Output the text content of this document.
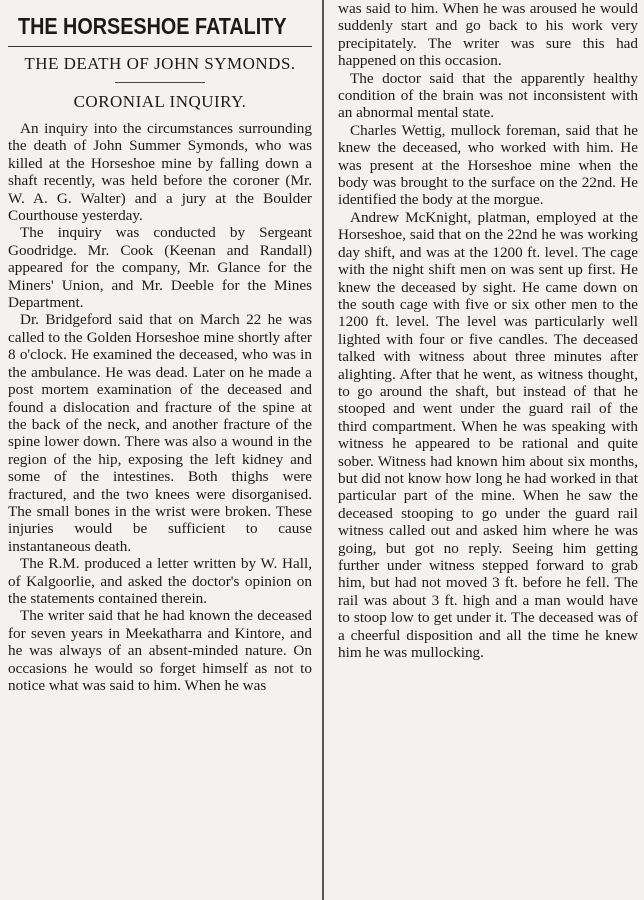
THE HORSESHOE FATALITY
THE DEATH OF JOHN SYMONDS.
CORONIAL INQUIRY.

An inquiry into the circumstances surrounding the death of John Summer Symonds, who was killed at the Horseshoe mine by falling down a shaft recently, was held before the coroner (Mr. W. A. G. Walter) and a jury at the Boulder Courthouse yesterday.

The inquiry was conducted by Sergeant Goodridge. Mr. Cook (Keenan and Randall) appeared for the company, Mr. Glance for the Miners' Union, and Mr. Deeble for the Mines Department.

Dr. Bridgeford said that on March 22 he was called to the Golden Horseshoe mine shortly after 8 o'clock. He examined the deceased, who was in the ambulance. He was dead. Later on he made a post mortem examination of the deceased and found a dislocation and fracture of the spine at the back of the neck, and another fracture of the spine lower down. There was also a wound in the region of the hip, exposing the left kidney and some of the intestines. Both thighs were fractured, and the two knees were disorganised. The small bones in the wrist were broken. These injuries would be sufficient to cause instantaneous death.

The R.M. produced a letter written by W. Hall, of Kalgoorlie, and asked the doctor's opinion on the statements contained therein.

The writer said that he had known the deceased for seven years in Meekatharra and Kintore, and he was always of an absent-minded nature. On occasions he would so forget himself as not to notice what was said to him. When he was

was said to him. When he was aroused he would suddenly start and go back to his work very precipitately. The writer was sure this had happened on this occasion.

The doctor said that the apparently healthy condition of the brain was not inconsistent with an abnormal mental state.

Charles Wettig, mullock foreman, said that he knew the deceased, who worked with him. He was present at the Horseshoe mine when the body was brought to the surface on the 22nd. He identified the body at the morgue.

Andrew McKnight, platman, employed at the Horseshoe, said that on the 22nd he was working day shift, and was at the 1200 ft. level. The cage with the night shift men on was sent up first. He knew the deceased by sight. He came down on the south cage with five or six other men to the 1200 ft. level. The level was particularly well lighted with four or five candles. The deceased talked with witness about three minutes after alighting. After that he went, as witness thought, to go around the shaft, but instead of that he stooped and went under the guard rail of the third compartment. When he was speaking with witness he appeared to be rational and quite sober. Witness had known him about six months, but did not know how long he had worked in that particular part of the mine. When he saw the deceased stooping to go under the guard rail witness called out and asked him where he was going, but got no reply. Seeing him getting further under witness stepped forward to grab him, but had not moved 3 ft. before he fell. The rail was about 3 ft. high and a man would have to stoop low to get under it. The deceased was of a cheerful disposition and all the time he knew him he was mullocking.
